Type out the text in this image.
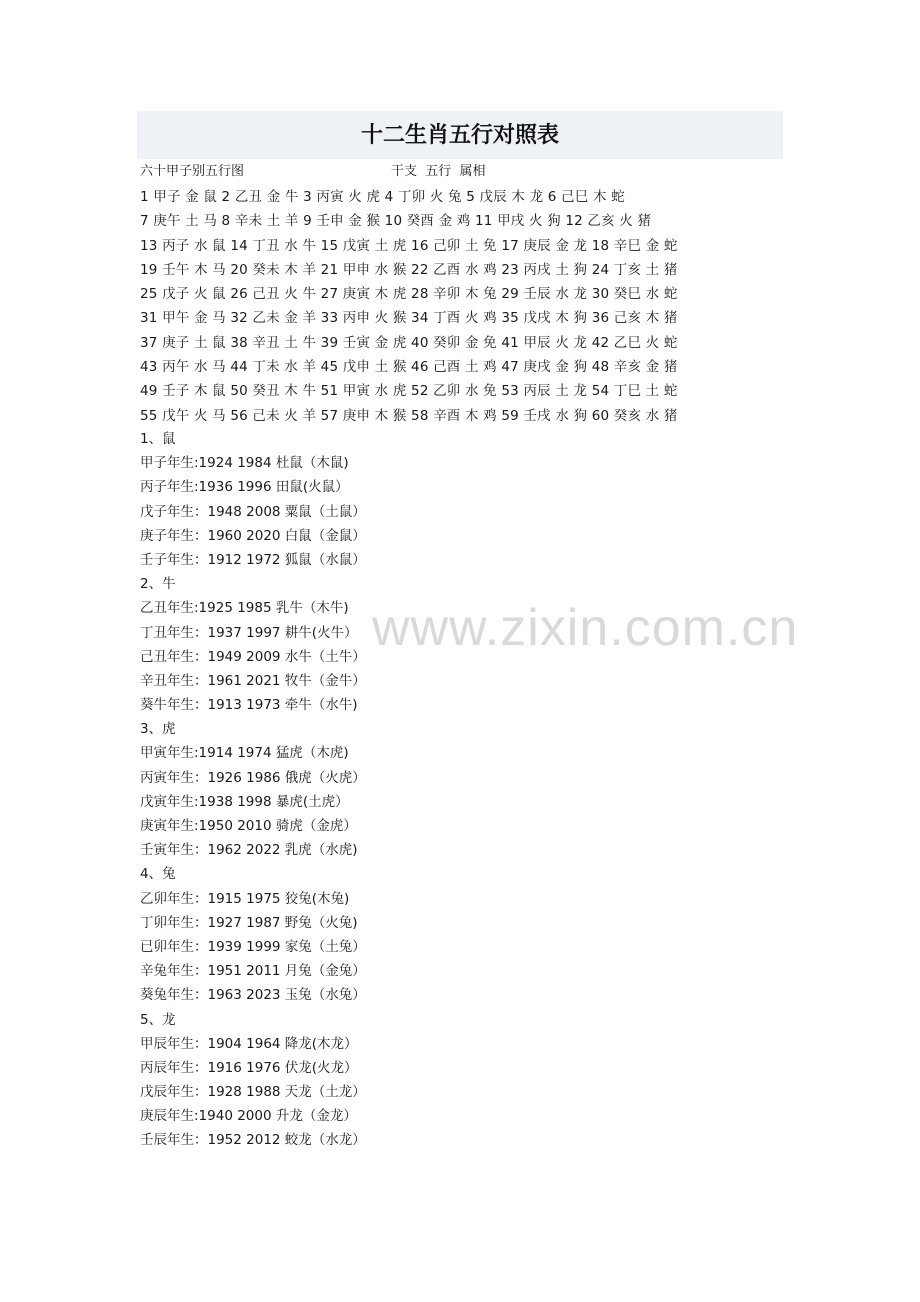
十二生肖五行对照表
六十甲子别五行图	干支  五行  属相
1 甲子 金 鼠 2 乙丑 金 牛 3 丙寅 火 虎 4 丁卯 火 兔 5 戊辰 木 龙 6 己巳 木 蛇
7 庚午 土 马 8 辛未 土 羊 9 壬申 金 猴 10 癸酉 金 鸡 11 甲戌 火 狗 12 乙亥 火 猪
13 丙子 水 鼠 14 丁丑 水 牛 15 戊寅 土 虎 16 己卯 土 免 17 庚辰 金 龙 18 辛巳 金 蛇
19 壬午 木 马 20 癸未 木 羊 21 甲申 水 猴 22 乙酉 水 鸡 23 丙戌 土 狗 24 丁亥 土 猪
25 戊子 火 鼠 26 己丑 火 牛 27 庚寅 木 虎 28 辛卯 木 兔 29 壬辰 水 龙 30 癸巳 水 蛇
31 甲午 金 马 32 乙未 金 羊 33 丙申 火 猴 34 丁酉 火 鸡 35 戊戌 木 狗 36 己亥 木 猪
37 庚子 土 鼠 38 辛丑 土 牛 39 壬寅 金 虎 40 癸卯 金 免 41 甲辰 火 龙 42 乙巳 火 蛇
43 丙午 水 马 44 丁未 水 羊 45 戊申 土 猴 46 己酉 土 鸡 47 庚戌 金 狗 48 辛亥 金 猪
49 壬子 木 鼠 50 癸丑 木 牛 51 甲寅 水 虎 52 乙卯 水 免 53 丙辰 土 龙 54 丁巳 土 蛇
55 戊午 火 马 56 己未 火 羊 57 庚申 木 猴 58 辛酉 木 鸡 59 壬戌 水 狗 60 癸亥 水 猪
www.zixin.com.cn
1、鼠
甲子年生:1924 1984 杜鼠（木鼠)
丙子年生:1936 1996 田鼠(火鼠）
戊子年生：1948 2008 粟鼠（土鼠）
庚子年生：1960 2020 白鼠（金鼠）
壬子年生：1912 1972 狐鼠（水鼠）
2、牛
乙丑年生:1925 1985 乳牛（木牛)
丁丑年生：1937 1997 耕牛(火牛）
己丑年生：1949 2009 水牛（土牛）
辛丑年生：1961 2021 牧牛（金牛）
葵牛年生：1913 1973 牵牛（水牛)
3、虎
甲寅年生:1914 1974 猛虎（木虎)
丙寅年生：1926 1986 俄虎（火虎）
戊寅年生:1938 1998 暴虎(土虎）
庚寅年生:1950 2010 骑虎（金虎）
壬寅年生：1962 2022 乳虎（水虎)
4、兔
乙卯年生：1915 1975 狡兔(木兔)
丁卯年生：1927 1987 野兔（火兔)
已卯年生：1939 1999 家兔（土兔）
辛兔年生：1951 2011 月兔（金兔）
葵兔年生：1963 2023 玉兔（水兔）
5、龙
甲辰年生：1904 1964 降龙(木龙）
丙辰年生：1916 1976 伏龙(火龙）
戊辰年生：1928 1988 天龙（土龙）
庚辰年生:1940 2000 升龙（金龙）
壬辰年生：1952 2012 蛟龙（水龙）
